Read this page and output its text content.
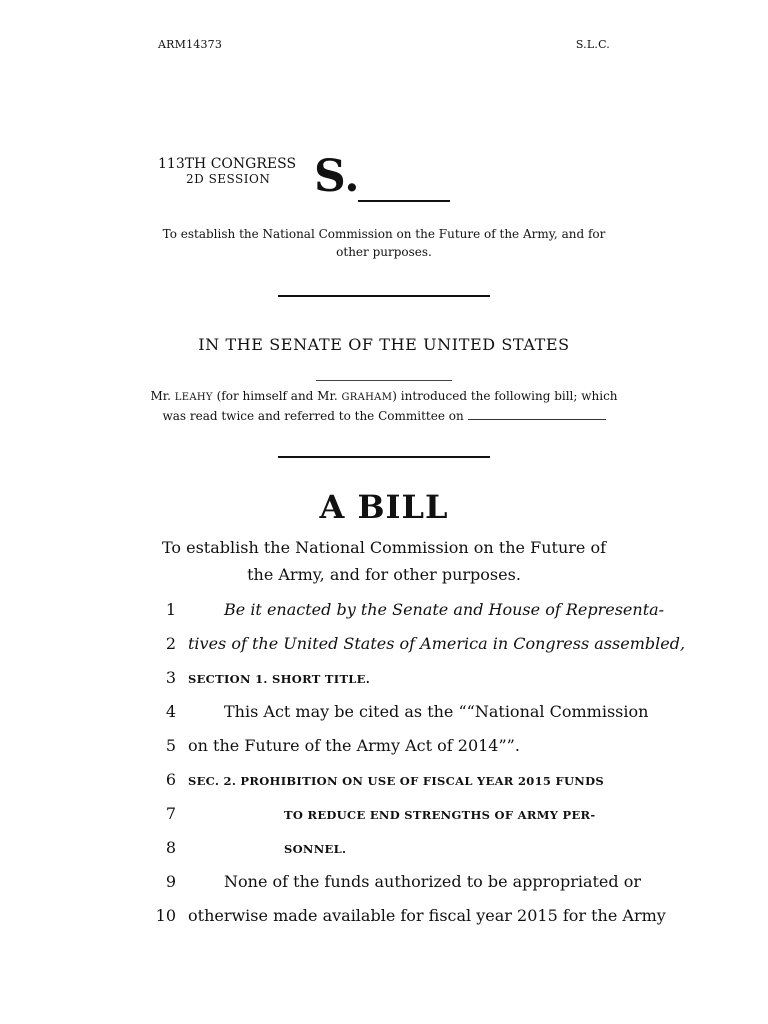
ARM14373	S.L.C.
113TH CONGRESS
2D SESSION S.
To establish the National Commission on the Future of the Army, and for other purposes.
IN THE SENATE OF THE UNITED STATES
Mr. LEAHY (for himself and Mr. GRAHAM) introduced the following bill; which was read twice and referred to the Committee on
A BILL
To establish the National Commission on the Future of
the Army, and for other purposes.
1	Be it enacted by the Senate and House of Representa-
2 tives of the United States of America in Congress assembled,
3 SECTION 1. SHORT TITLE.
4	This Act may be cited as the ““National Commission
5 on the Future of the Army Act of 2014””.
6 SEC. 2. PROHIBITION ON USE OF FISCAL YEAR 2015 FUNDS
7	TO REDUCE END STRENGTHS OF ARMY PER-
8	SONNEL.
9	None of the funds authorized to be appropriated or
10 otherwise made available for fiscal year 2015 for the Army
